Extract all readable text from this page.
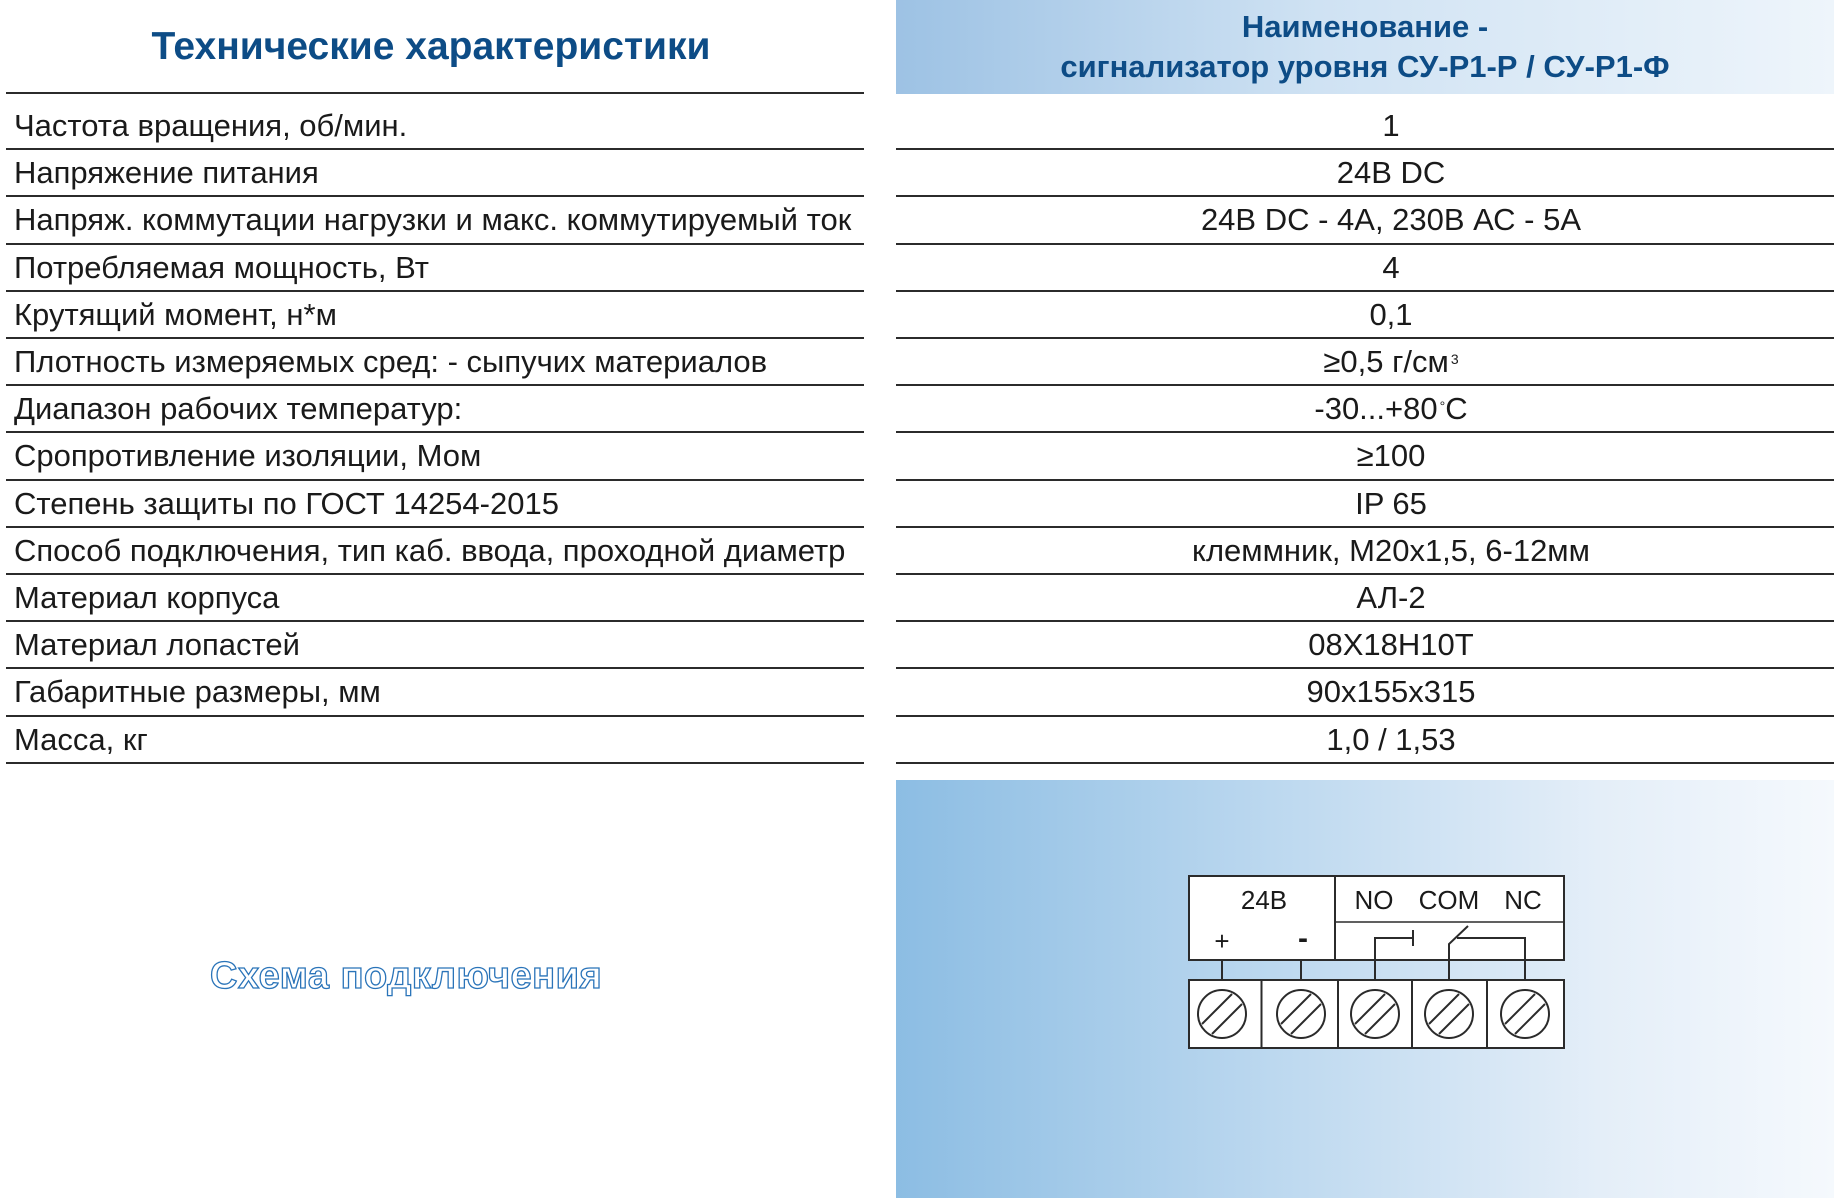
Технические характеристики	Наименование -
сигнализатор уровня СУ-Р1-Р / СУ-Р1-Ф
Частота вращения, об/мин.	1
Напряжение питания	24В DC
Напряж. коммутации нагрузки и макс. коммутируемый ток	24В DC - 4А, 230В АС - 5А
Потребляемая мощность, Вт	4
Крутящий момент, н*м	0,1
Плотность измеряемых сред: - сыпучих материалов	≥0,5 г/см $^3$
Диапазон рабочих температур:	-30...+80 °С
Сропротивление изоляции, Мом	≥100
Степень защиты по ГОСТ 14254-2015	IP 65
Способ подключения, тип каб. ввода, проходной диаметр	клеммник, М20х1,5, 6-12мм
Материал корпуса	АЛ-2
Материал лопастей	08Х18Н10Т
Габаритные размеры, мм	90х155х315
Масса, кг	1,0 / 1,53
Схема подключения
24В
+ -
NO COM NC
